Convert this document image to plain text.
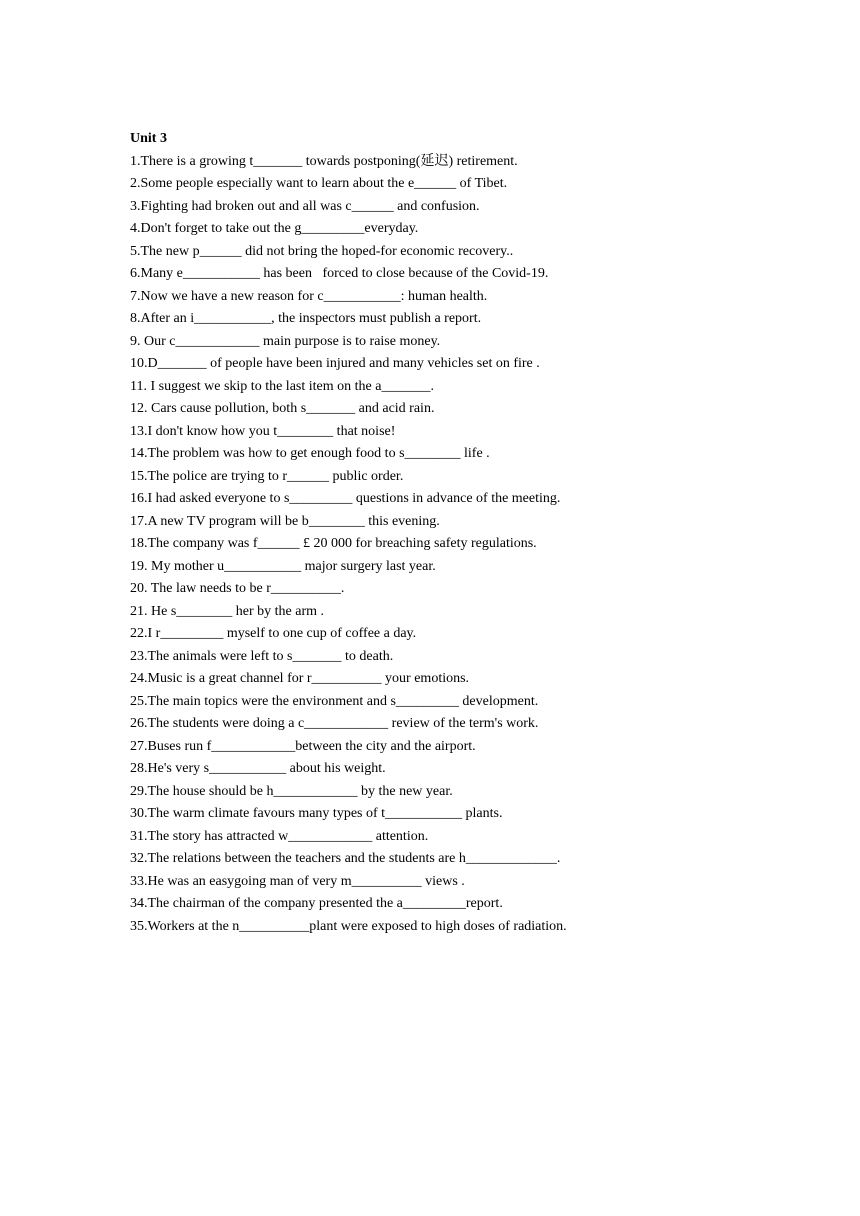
Unit 3
1.There is a growing t_______ towards postponing(延迟) retirement.
2.Some people especially want to learn about the e______ of Tibet.
3.Fighting had broken out and all was c______ and confusion.
4.Don't forget to take out the g_________everyday.
5.The new p______ did not bring the hoped-for economic recovery..
6.Many e___________ has been   forced to close because of the Covid-19.
7.Now we have a new reason for c___________: human health.
8.After an i___________, the inspectors must publish a report.
9. Our c____________ main purpose is to raise money.
10.D_______ of people have been injured and many vehicles set on fire .
11. I suggest we skip to the last item on the a_______.
12. Cars cause pollution, both s_______ and acid rain.
13.I don't know how you t________ that noise!
14.The problem was how to get enough food to s________ life .
15.The police are trying to r______ public order.
16.I had asked everyone to s_________ questions in advance of the meeting.
17.A new TV program will be b________ this evening.
18.The company was f______ £ 20 000 for breaching safety regulations.
19. My mother u___________ major surgery last year.
20. The law needs to be r__________.
21. He s________ her by the arm .
22.I r_________ myself to one cup of coffee a day.
23.The animals were left to s_______ to death.
24.Music is a great channel for r__________ your emotions.
25.The main topics were the environment and s_________ development.
26.The students were doing a c____________ review of the term's work.
27.Buses run f____________between the city and the airport.
28.He's very s___________ about his weight.
29.The house should be h____________ by the new year.
30.The warm climate favours many types of t___________ plants.
31.The story has attracted w____________ attention.
32.The relations between the teachers and the students are h_____________.
33.He was an easygoing man of very m__________ views .
34.The chairman of the company presented the a_________report.
35.Workers at the n__________plant were exposed to high doses of radiation.
